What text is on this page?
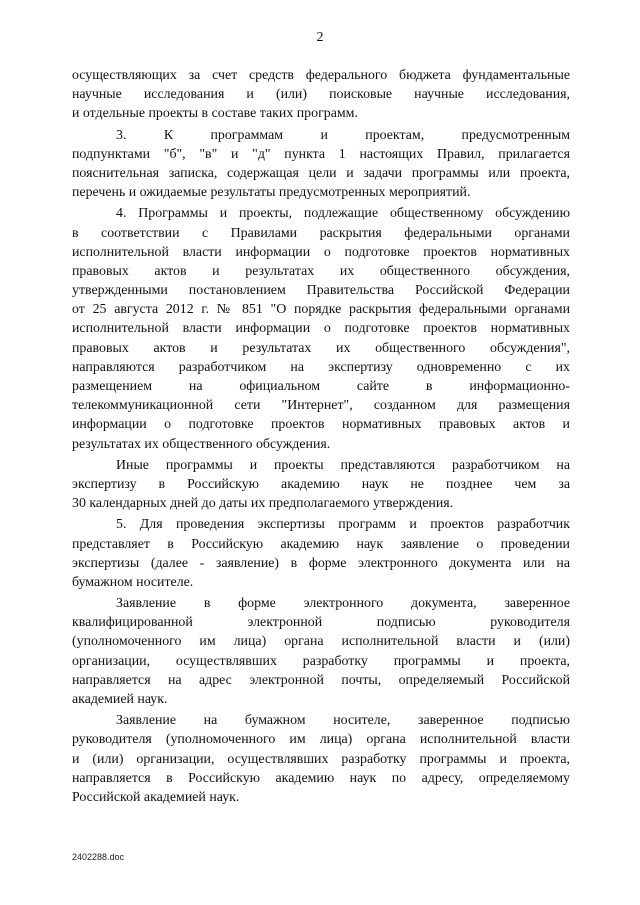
2
осуществляющих за счет средств федерального бюджета фундаментальные
научные исследования и (или) поисковые научные исследования,
и отдельные проекты в составе таких программ.
3. К программам и проектам, предусмотренным
подпунктами "б", "в" и "д" пункта 1 настоящих Правил, прилагается
пояснительная записка, содержащая цели и задачи программы или проекта,
перечень и ожидаемые результаты предусмотренных мероприятий.
4. Программы и проекты, подлежащие общественному обсуждению
в соответствии с Правилами раскрытия федеральными органами
исполнительной власти информации о подготовке проектов нормативных
правовых актов и результатах их общественного обсуждения,
утвержденными постановлением Правительства Российской Федерации
от 25 августа 2012 г. № 851 "О порядке раскрытия федеральными органами
исполнительной власти информации о подготовке проектов нормативных
правовых актов и результатах их общественного обсуждения",
направляются разработчиком на экспертизу одновременно с их
размещением на официальном сайте в информационно-
телекоммуникационной сети "Интернет", созданном для размещения
информации о подготовке проектов нормативных правовых актов и
результатах их общественного обсуждения.
Иные программы и проекты представляются разработчиком на
экспертизу в Российскую академию наук не позднее чем за
30 календарных дней до даты их предполагаемого утверждения.
5. Для проведения экспертизы программ и проектов разработчик
представляет в Российскую академию наук заявление о проведении
экспертизы (далее - заявление) в форме электронного документа или на
бумажном носителе.
Заявление в форме электронного документа, заверенное
квалифицированной электронной подписью руководителя
(уполномоченного им лица) органа исполнительной власти и (или)
организации, осуществлявших разработку программы и проекта,
направляется на адрес электронной почты, определяемый Российской
академией наук.
Заявление на бумажном носителе, заверенное подписью
руководителя (уполномоченного им лица) органа исполнительной власти
и (или) организации, осуществлявших разработку программы и проекта,
направляется в Российскую академию наук по адресу, определяемому
Российской академией наук.
2402288.doc
